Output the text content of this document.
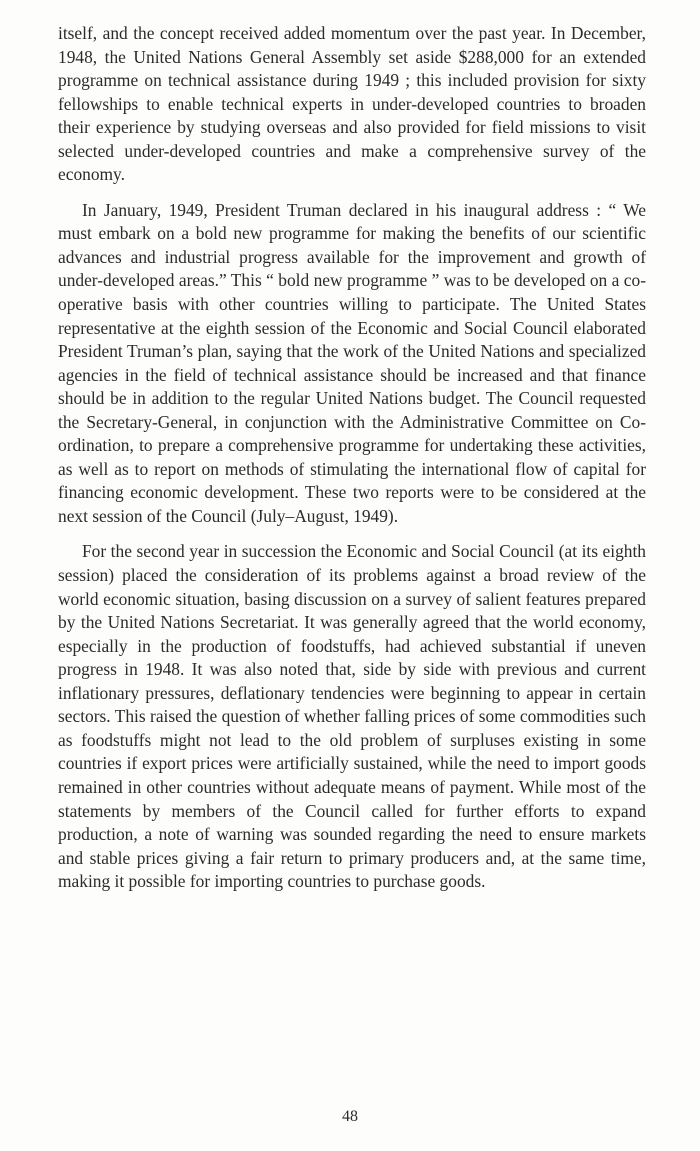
itself, and the concept received added momentum over the past year. In December, 1948, the United Nations General Assembly set aside $288,000 for an extended programme on technical assistance during 1949 ; this included provision for sixty fellowships to enable technical experts in under-developed countries to broaden their experience by studying overseas and also provided for field missions to visit selected under-developed countries and make a comprehensive survey of the economy.

In January, 1949, President Truman declared in his inaugural address : “ We must embark on a bold new programme for making the benefits of our scientific advances and industrial progress available for the improvement and growth of under-developed areas.” This “ bold new programme ” was to be developed on a co-operative basis with other countries willing to participate. The United States representative at the eighth session of the Economic and Social Council elaborated President Truman’s plan, saying that the work of the United Nations and specialized agencies in the field of technical assistance should be increased and that finance should be in addition to the regular United Nations budget. The Council requested the Secretary-General, in conjunction with the Administrative Committee on Co-ordination, to prepare a comprehensive programme for undertaking these activities, as well as to report on methods of stimulating the international flow of capital for financing economic development. These two reports were to be considered at the next session of the Council (July–August, 1949).

For the second year in succession the Economic and Social Council (at its eighth session) placed the consideration of its problems against a broad review of the world economic situation, basing discussion on a survey of salient features prepared by the United Nations Secretariat. It was generally agreed that the world economy, especially in the production of foodstuffs, had achieved substantial if uneven progress in 1948. It was also noted that, side by side with previous and current inflationary pressures, deflationary tendencies were beginning to appear in certain sectors. This raised the question of whether falling prices of some commodities such as foodstuffs might not lead to the old problem of surpluses existing in some countries if export prices were artificially sustained, while the need to import goods remained in other countries without adequate means of payment. While most of the statements by members of the Council called for further efforts to expand production, a note of warning was sounded regarding the need to ensure markets and stable prices giving a fair return to primary producers and, at the same time, making it possible for importing countries to purchase goods.

48
